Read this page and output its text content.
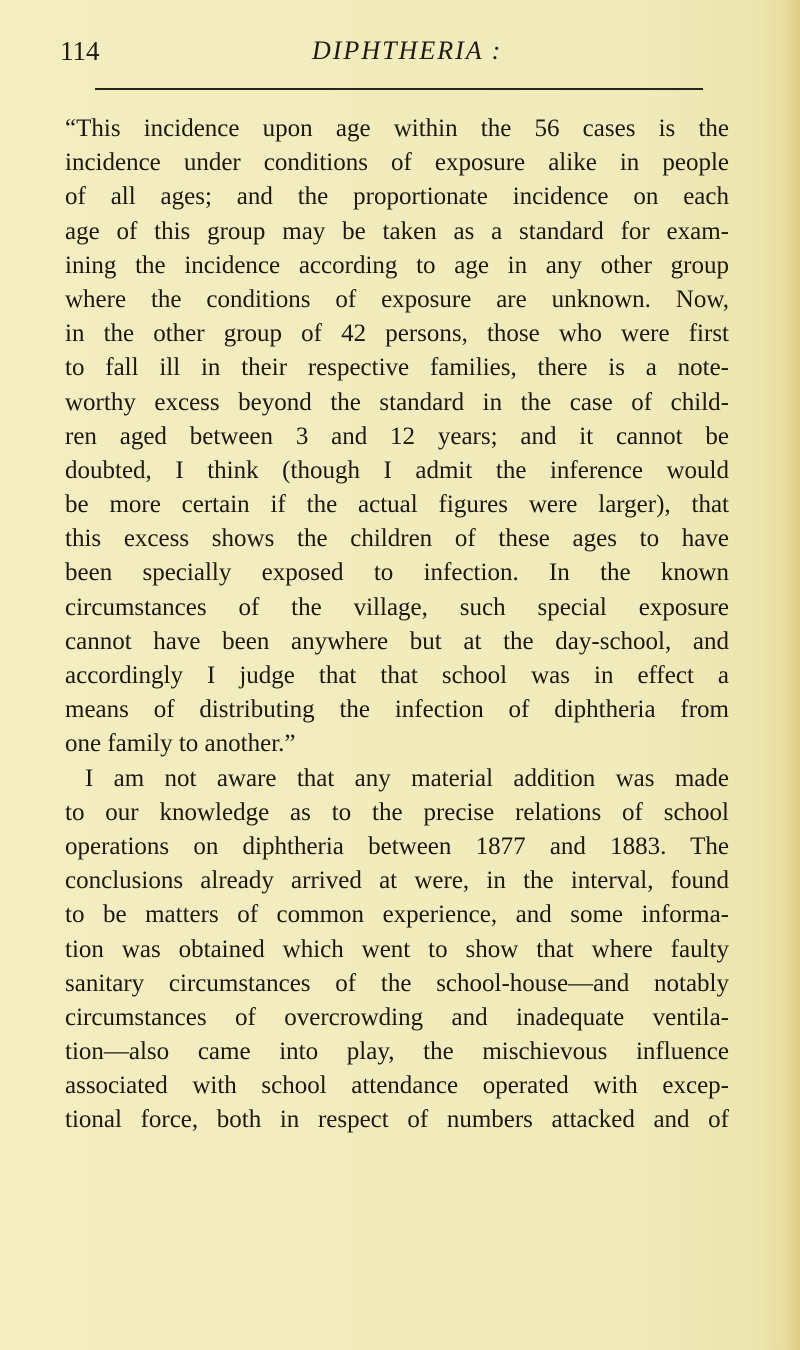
114	DIPHTHERIA :
“This incidence upon age within the 56 cases is the
incidence under conditions of exposure alike in people
of all ages; and the proportionate incidence on each
age of this group may be taken as a standard for exam-
ining the incidence according to age in any other group
where the conditions of exposure are unknown. Now,
in the other group of 42 persons, those who were first
to fall ill in their respective families, there is a note-
worthy excess beyond the standard in the case of child-
ren aged between 3 and 12 years; and it cannot be
doubted, I think (though I admit the inference would
be more certain if the actual figures were larger), that
this excess shows the children of these ages to have
been specially exposed to infection. In the known
circumstances of the village, such special exposure
cannot have been anywhere but at the day-school, and
accordingly I judge that that school was in effect a
means of distributing the infection of diphtheria from
one family to another.”
I am not aware that any material addition was made
to our knowledge as to the precise relations of school
operations on diphtheria between 1877 and 1883. The
conclusions already arrived at were, in the interval, found
to be matters of common experience, and some informa-
tion was obtained which went to show that where faulty
sanitary circumstances of the school-house—and notably
circumstances of overcrowding and inadequate ventila-
tion—also came into play, the mischievous influence
associated with school attendance operated with excep-
tional force, both in respect of numbers attacked and of
